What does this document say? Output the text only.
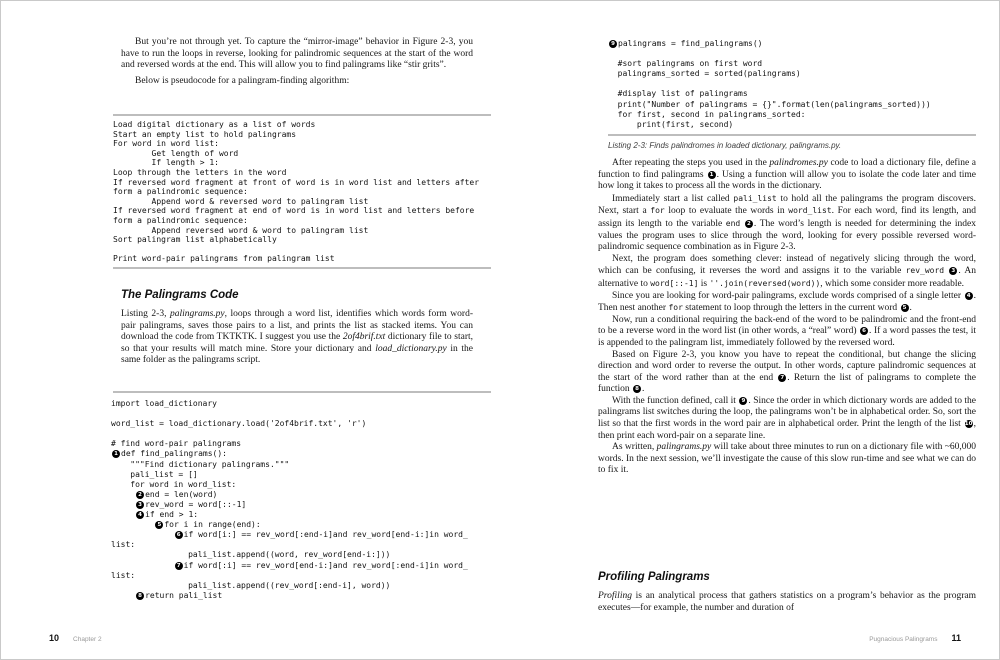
But you’re not through yet. To capture the “mirror-image” behavior in Figure 2-3, you have to run the loops in reverse, looking for palindromic sequences at the start of the word and reversed words at the end. This will allow you to find palingrams like “stir grits”.

Below is pseudocode for a palingram-finding algorithm:

Load digital dictionary as a list of words
Start an empty list to hold palingrams
For word in word list:
Get length of word
If length > 1:
Loop through the letters in the word
If reversed word fragment at front of word is in word list and letters after
form a palindromic sequence:
Append word & reversed word to palingram list
If reversed word fragment at end of word is in word list and letters before
form a palindromic sequence:
Append reversed word & word to palingram list
Sort palingram list alphabetically

Print word-pair palingrams from palingram list
The Palingrams Code

Listing 2-3, palingrams.py, loops through a word list, identifies which words form word-pair palingrams, saves those pairs to a list, and prints the list as stacked items. You can download the code from TKTKTK. I suggest you use the 2of4brif.txt dictionary file to start, so that your results will match mine. Store your dictionary and load_dictionary.py in the same folder as the palingrams script.

import load_dictionary

word_list = load_dictionary.load('2of4brif.txt', 'r')

# find word-pair palingrams
1 def find_palingrams():
"""Find dictionary palingrams."""
pali_list = []
for word in word_list:
2 end = len(word)
3 rev_word = word[::-1]
4 if end > 1:
5 for i in range(end):
6 if word[i:] == rev_word[:end-i]and rev_word[end-i:]in word_
list:
pali_list.append((word, rev_word[end-i:]))
7 if word[:i] == rev_word[end-i:]and rev_word[:end-i]in word_
list:
pali_list.append((rev_word[:end-i], word))
8 return pali_list
10 Chapter 2
9 palingrams = find_palingrams()

#sort palingrams on first word
palingrams_sorted = sorted(palingrams)

#display list of palingrams
print("Number of palingrams = {}".format(len(palingrams_sorted)))
for first, second in palingrams_sorted:
print(first, second)
Listing 2-3: Finds palindromes in loaded dictionary, palingrams.py.

After repeating the steps you used in the palindromes.py code to load a dictionary file, define a function to find palingrams 1 . Using a function will allow you to isolate the code later and time how long it takes to process all the words in the dictionary.

Immediately start a list called pali_list to hold all the palingrams the program discovers. Next, start a for loop to evaluate the words in word_list. For each word, find its length, and assign its length to the variable end 2 . The word’s length is needed for determining the index values the program uses to slice through the word, looking for every possible reversed word-palindromic sequence combination as in Figure 2-3.

Next, the program does something clever: instead of negatively slicing through the word, which can be confusing, it reverses the word and assigns it to the variable rev_word 3 . An alternative to word[::-1] is ''.join(reversed(word)), which some consider more readable.

Since you are looking for word-pair palingrams, exclude words comprised of a single letter 4 . Then nest another for statement to loop through the letters in the current word 5 .

Now, run a conditional requiring the back-end of the word to be palindromic and the front-end to be a reverse word in the word list (in other words, a “real” word) 6 . If a word passes the test, it is appended to the palingram list, immediately followed by the reversed word.

Based on Figure 2-3, you know you have to repeat the conditional, but change the slicing direction and word order to reverse the output. In other words, capture palindromic sequences at the start of the word rather than at the end 7 . Return the list of palingrams to complete the function 8 .

With the function defined, call it 9 . Since the order in which dictionary words are added to the palingrams list switches during the loop, the palingrams won’t be in alphabetical order. So, sort the list so that the first words in the word pair are in alphabetical order. Print the length of the list 10, then print each word-pair on a separate line.

As written, palingrams.py will take about three minutes to run on a dictionary file with ~60,000 words. In the next session, we’ll investigate the cause of this slow run-time and see what we can do to fix it.

Profiling Palingrams

Profiling is an analytical process that gathers statistics on a program’s behavior as the program executes—for example, the number and duration of

Pugnacious Palingrams 11
